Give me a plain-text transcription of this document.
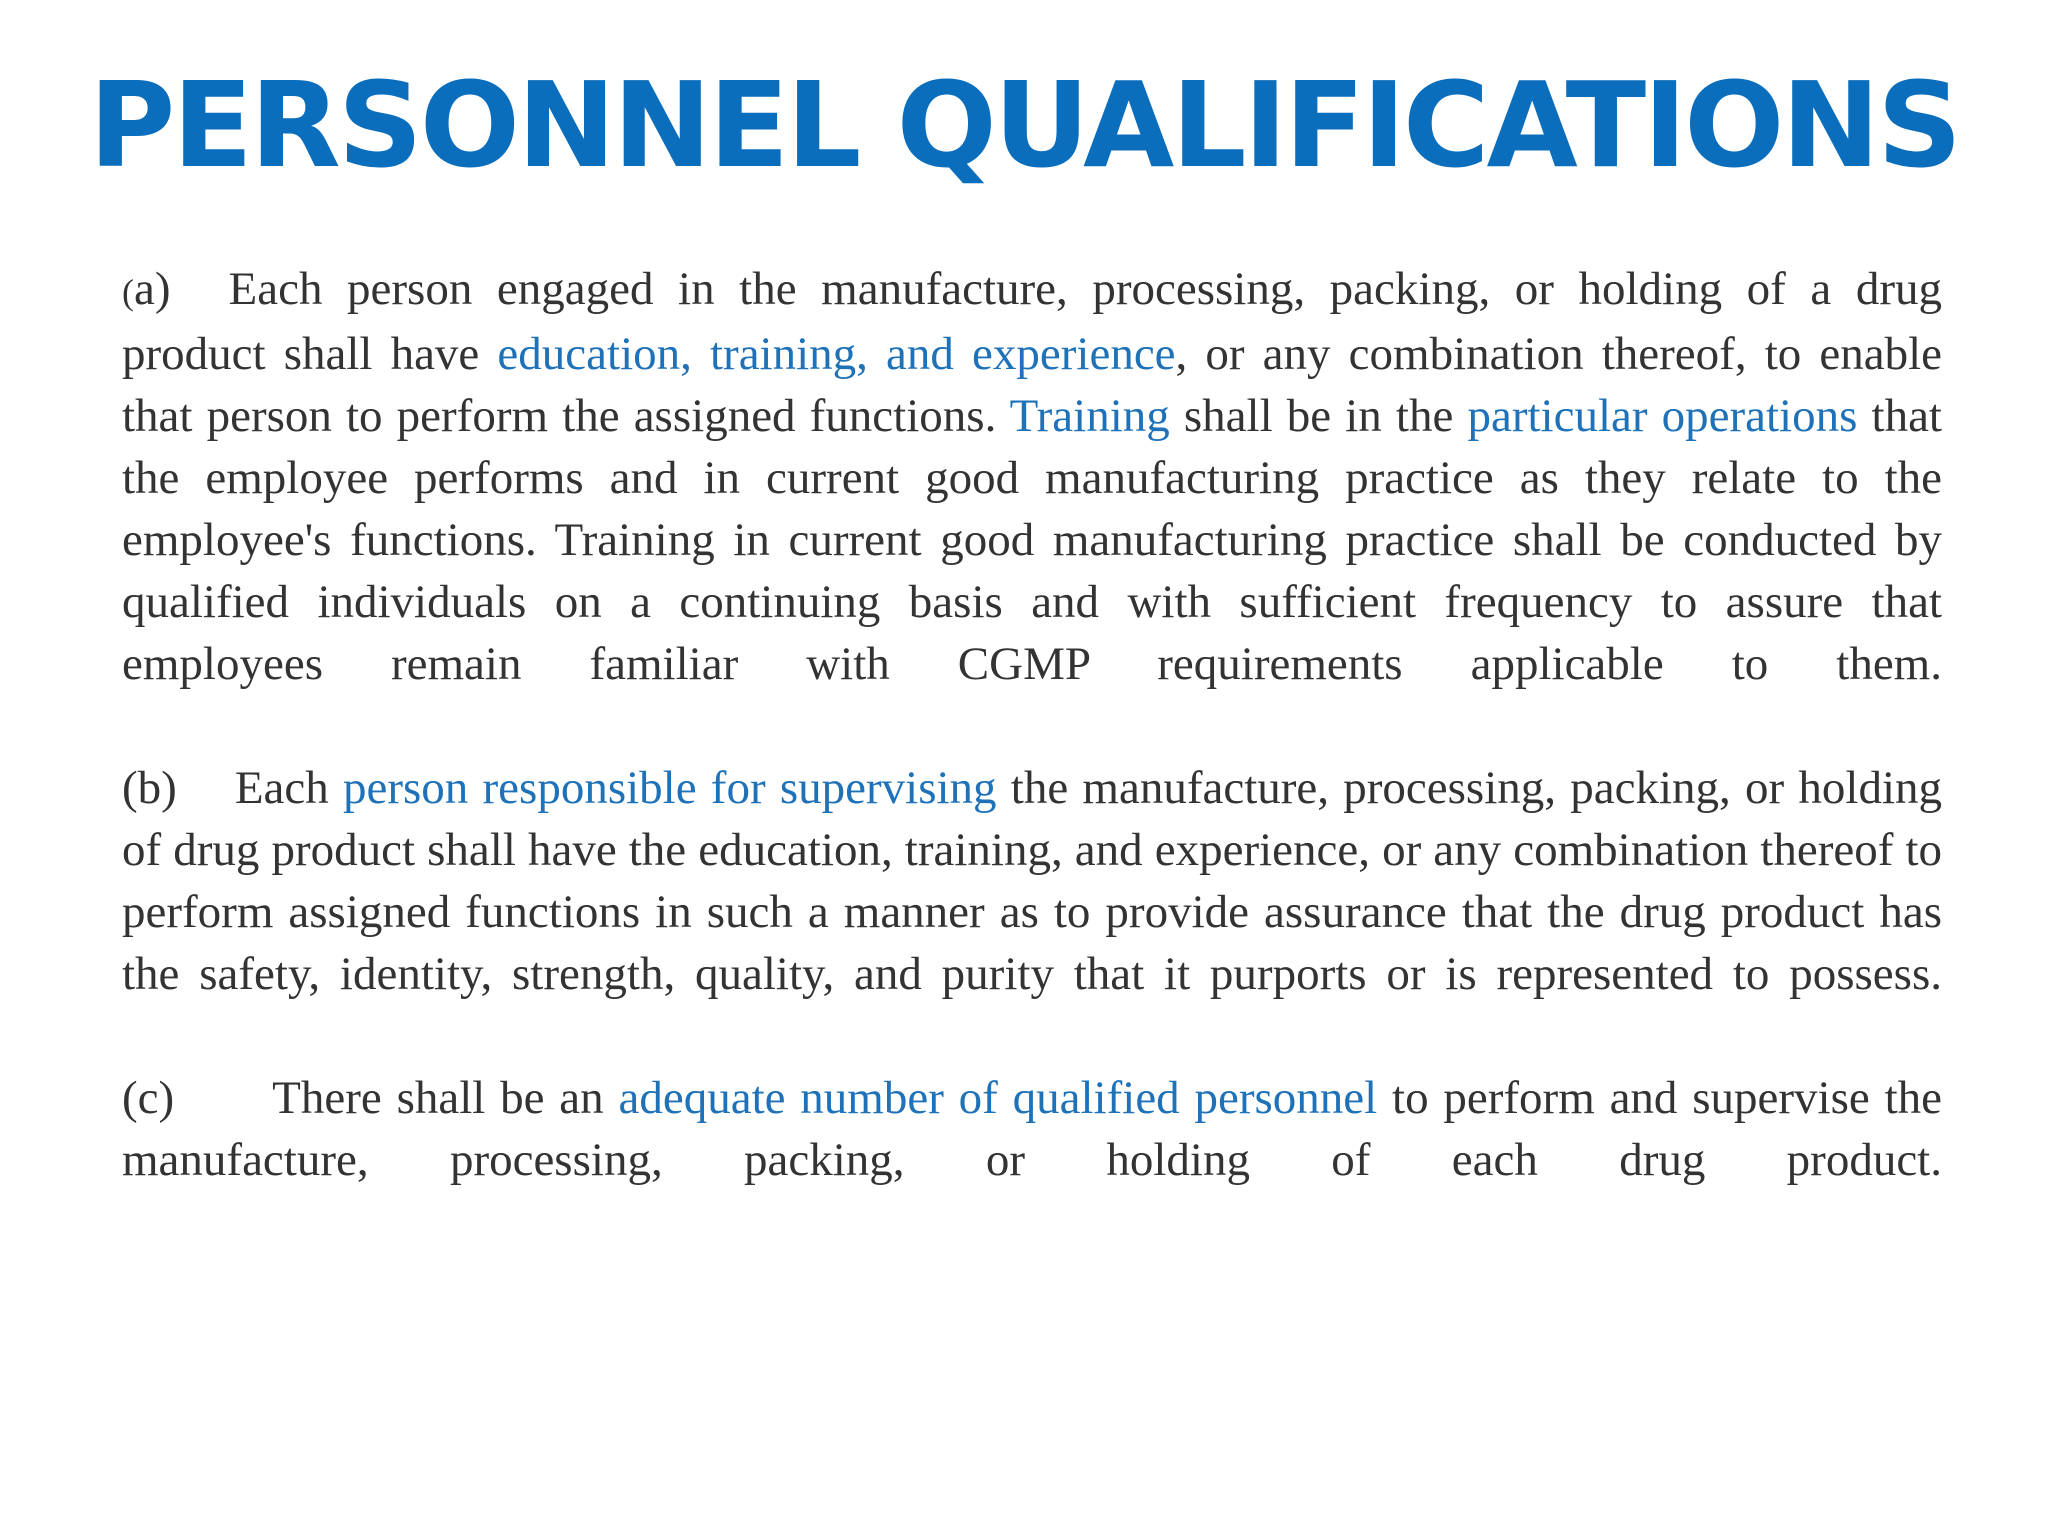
PERSONNEL QUALIFICATIONS

(a) Each person engaged in the manufacture, processing, packing, or holding of a drug product shall have education, training, and experience, or any combination thereof, to enable that person to perform the assigned functions. Training shall be in the particular operations that the employee performs and in current good manufacturing practice as they relate to the employee's functions. Training in current good manufacturing practice shall be conducted by qualified individuals on a continuing basis and with sufficient frequency to assure that employees remain familiar with CGMP requirements applicable to them.

(b) Each person responsible for supervising the manufacture, processing, packing, or holding of drug product shall have the education, training, and experience, or any combination thereof to perform assigned functions in such a manner as to provide assurance that the drug product has the safety, identity, strength, quality, and purity that it purports or is represented to possess.

(c) There shall be an adequate number of qualified personnel to perform and supervise the manufacture, processing, packing, or holding of each drug product.
